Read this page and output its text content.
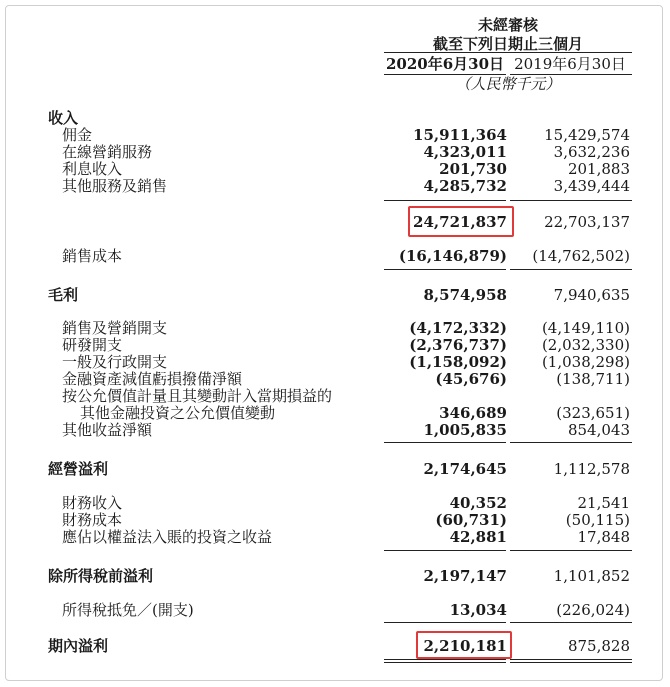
未經審核
截至下列日期止三個月
2020年6月30日 2019年6月30日
（人民幣千元）
收入
佣金	15,911,364 15,429,574
在線營銷服務	4,323,011	3,632,236
利息收入	201,730	201,883
其他服務及銷售	4,285,732	3,439,444
24,721,837 22,703,137
銷售成本	(16,146,879) (14,762,502)
毛利	8,574,958	7,940,635
銷售及營銷開支	(4,172,332) (4,149,110)
研發開支	(2,376,737) (2,032,330)
一般及行政開支	(1,158,092) (1,038,298)
金融資產減值虧損撥備淨額	(45,676)	(138,711)
按公允價值計量且其變動計入當期損益的
其他金融投資之公允價值變動	346,689	(323,651)
其他收益淨額	1,005,835	854,043
經營溢利	2,174,645	1,112,578
財務收入	40,352	21,541
財務成本	(60,731)	(50,115)
應佔以權益法入賬的投資之收益	42,881	17,848
除所得稅前溢利	2,197,147	1,101,852
所得稅抵免／(開支)	13,034	(226,024)
期內溢利	2,210,181	875,828
